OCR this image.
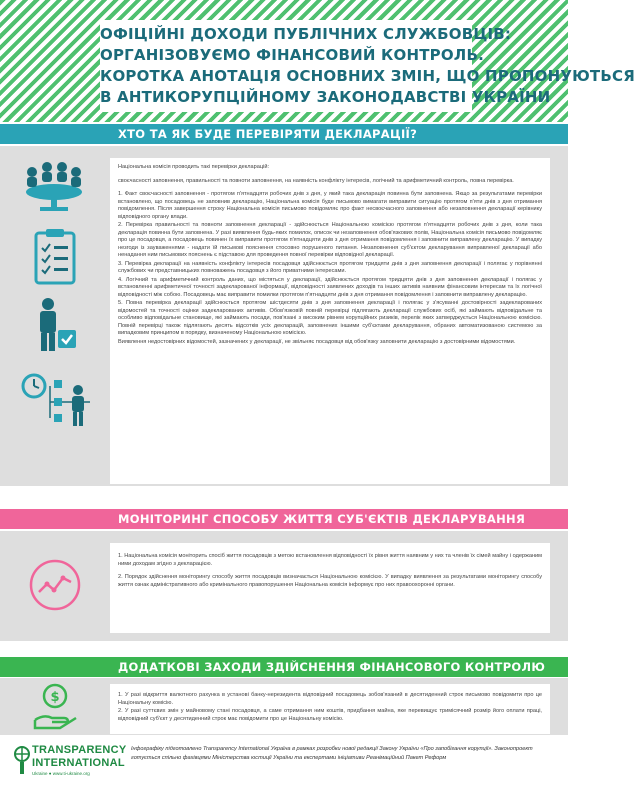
ОФІЦІЙНІ ДОХОДИ ПУБЛІЧНИХ СЛУЖБОВЦІВ:
ОРГАНІЗОВУЄМО ФІНАНСОВИЙ КОНТРОЛЬ.
КОРОТКА АНОТАЦІЯ ОСНОВНИХ ЗМІН, ЩО ПРОПОНУЮТЬСЯ
В АНТИКОРУПЦІЙНОМУ ЗАКОНОДАВСТВІ УКРАЇНИ
ХТО ТА ЯК БУДЕ ПЕРЕВІРЯТИ ДЕКЛАРАЦІЇ?
Національна комісія проводить такі перевірки декларацій:
своєчасності заповнення, правильності та повноти заповнення, на наявність конфлікту інтересів, логічний та арифметичний контроль, повна перевірка.
1. Факт своєчасності заповнення - протягом п'ятнадцяти робочих днів з дня, у який така декларація повинна бути заповнена. Якщо за результатами перевірки встановлено, що посадовець не заповнив декларацію, Національна комісія буде письмово вимагати виправити ситуацію протягом п'яти днів з дня отримання повідомлення. Після завершення строку Національна комісія письмово повідомляє про факт несвоєчасного заповнення або незаповнення декларації керівнику відповідного органу влади.
2. Перевірка правильності та повноти заповнення декларації - здійснюється Національною комісією протягом п'ятнадцяти робочих днів з дня, коли така декларація повинна бути заповнена. У разі виявлення будь-яких помилок, описок чи незаповнення обов'язкових полів, Національна комісія письмово повідомляє про це посадовця, а посадовець повинен їх виправити протягом п'ятнадцяти днів з дня отримання повідомлення і заповнити виправлену декларацію. У випадку незгоди із зауваженнями - надати їй письмові пояснення стосовно порушеного питання. Незаповнення суб'єктом декларування виправленої декларації або ненадання ним письмових пояснень є підставою для проведення повної перевірки відповідної декларації.
3. Перевірка декларації на наявність конфлікту інтересів посадовця здійснюється протягом тридцяти днів з дня заповнення декларації і полягає у порівнянні службових чи представницьких повноважень посадовця з його приватними інтересами.
4. Логічний та арифметичний контроль даних, що містяться у декларації, здійснюється протягом тридцяти днів з дня заповнення декларації і полягає у встановленні арифметичної точності задекларованої інформації, відповідності заявлених доходів та інших активів наявним фінансовим інтересам та їх логічної відповідності між собою. Посадовець має виправити помилки протягом п'ятнадцяти днів з дня отримання повідомлення і заповнити виправлену декларацію.
5. Повна перевірка декларації здійснюється протягом шістдесяти днів з дня заповнення декларації і полягає у з'ясуванні достовірності задекларованих відомостей та точності оцінки задекларованих активів. Обов'язковій повній перевірці підлягають декларації службових осіб, які займають відповідальне та особливо відповідальне становище, які займають посади, пов'язані з високим рівнем корупційних ризиків, перелік яких затверджується Національною комісією. Повній перевірці також підлягають десять відсотків усіх декларацій, заповнених іншими суб'єктами декларування, обраних автоматизованою системою за випадковим принципом в порядку, визначеному Національною комісією.
Виявлення недостовірних відомостей, зазначених у декларації, не звільняє посадовця від обов'язку заповнити декларацію з достовірними відомостями.
МОНІТОРИНГ СПОСОБУ ЖИТТЯ СУБ'ЄКТІВ ДЕКЛАРУВАННЯ
1. Національна комісія моніторить спосіб життя посадовців з метою встановлення відповідності їх рівня життя наявним у них та членів їх сімей майну і одержаним ними доходам згідно з декларацією.
2. Порядок здійснення моніторингу способу життя посадовців визначається Національною комісією. У випадку виявлення за результатами моніторингу способу життя ознак адміністративного або кримінального правопорушення Національна комісія інформує про них правоохоронні органи.
ДОДАТКОВІ ЗАХОДИ ЗДІЙСНЕННЯ ФІНАНСОВОГО КОНТРОЛЮ
$	1. У разі відкриття валютного рахунка в установі банку-нерезидента відповідний посадовець зобов'язаний в десятиденний строк письмово повідомити про це Національну комісію.
2. У разі суттєвих змін у майновому стані посадовця, а саме отримання ним коштів, придбання майна, яке перевищує тримісячний розмір його оплати праці, відповідний суб'єкт у десятиденний строк має повідомити про це Національну комісію.
TRANSPARENCY
INTERNATIONAL
Ukraine ● www.ti-ukraine.org
Інфографіку підготовлено Transparency International Україна в рамках розробки нової редакції Закону України «Про запобігання корупції». Законопроект готується спільно фахівцями Міністерства юстиції України та експертами ініціативи Реанімаційний Пакет Реформ
